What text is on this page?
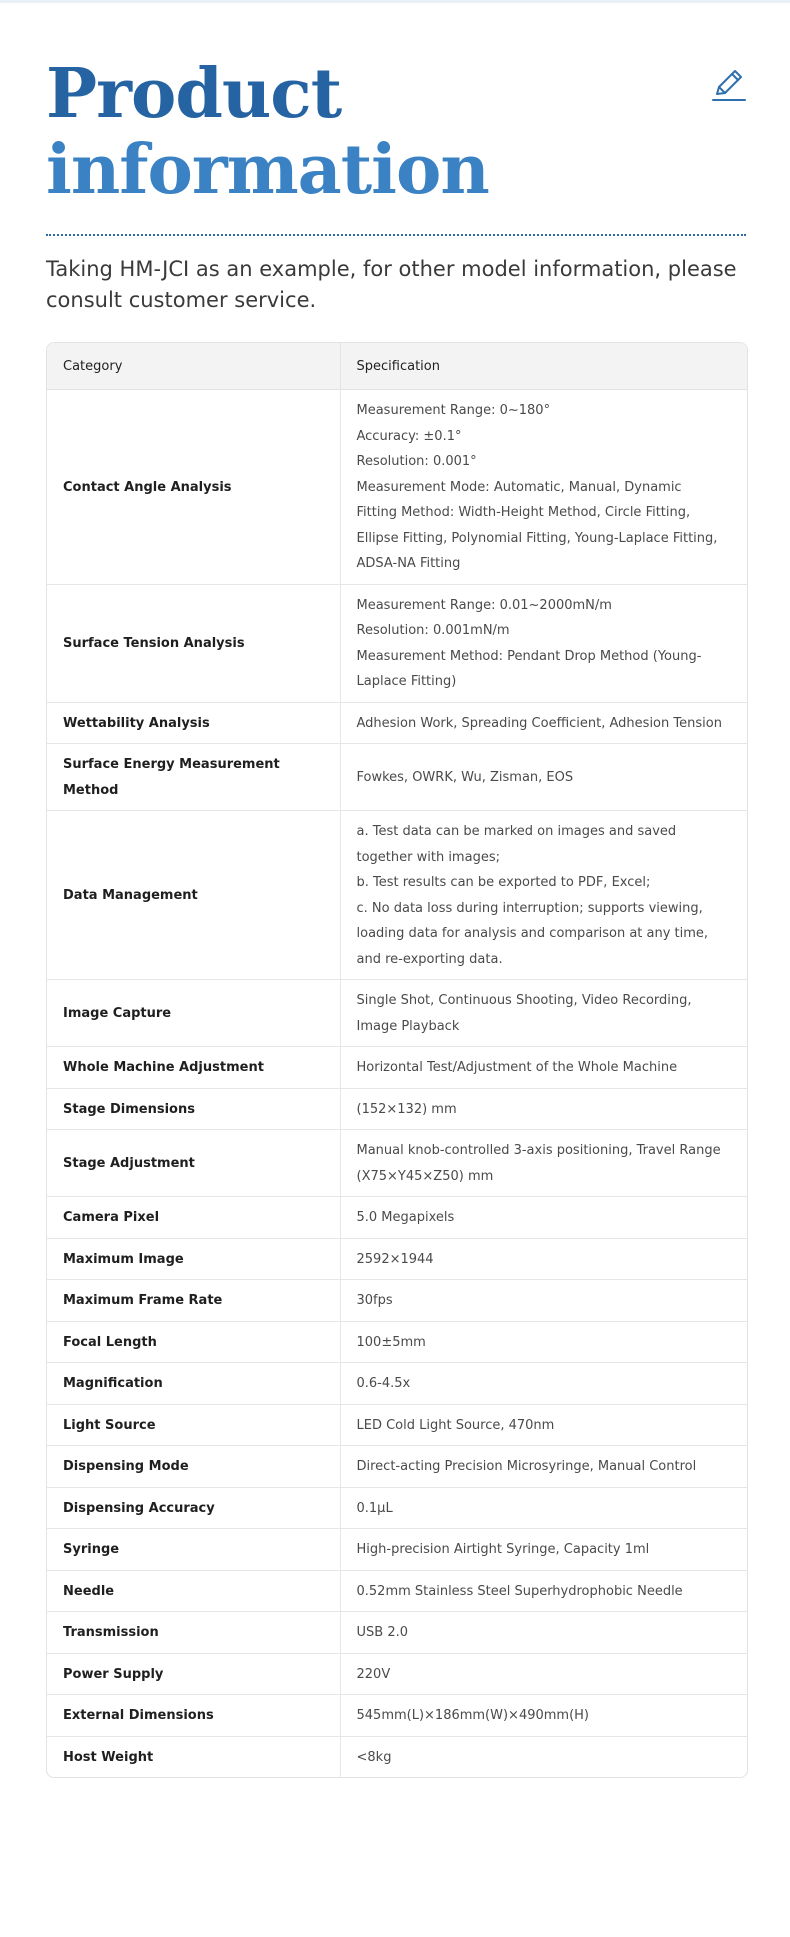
Product
information

Taking HM-JCI as an example, for other model information, please consult customer service.

Category	Specification
Contact Angle Analysis	Measurement Range: 0~180°
Accuracy: ±0.1°
Resolution: 0.001°
Measurement Mode: Automatic, Manual, Dynamic
Fitting Method: Width-Height Method, Circle Fitting, Ellipse Fitting, Polynomial Fitting, Young-Laplace Fitting, ADSA-NA Fitting

Surface Tension Analysis	Measurement Range: 0.01~2000mN/m
Resolution: 0.001mN/m
Measurement Method: Pendant Drop Method (Young-Laplace Fitting)

Wettability Analysis	Adhesion Work, Spreading Coefficient, Adhesion Tension

Surface Energy Measurement Method	Fowkes, OWRK, Wu, Zisman, EOS

Data Management	a. Test data can be marked on images and saved together with images;
b. Test results can be exported to PDF, Excel;
c. No data loss during interruption; supports viewing, loading data for analysis and comparison at any time, and re-exporting data.

Image Capture	Single Shot, Continuous Shooting, Video Recording, Image Playback

Whole Machine Adjustment	Horizontal Test/Adjustment of the Whole Machine

Stage Dimensions	(152×132) mm

Stage Adjustment	Manual knob-controlled 3-axis positioning, Travel Range (X75×Y45×Z50) mm

Camera Pixel	5.0 Megapixels

Maximum Image	2592×1944

Maximum Frame Rate	30fps

Focal Length	100±5mm

Magnification	0.6-4.5x

Light Source	LED Cold Light Source, 470nm

Dispensing Mode	Direct-acting Precision Microsyringe, Manual Control

Dispensing Accuracy	0.1μL

Syringe	High-precision Airtight Syringe, Capacity 1ml

Needle	0.52mm Stainless Steel Superhydrophobic Needle

Transmission	USB 2.0

Power Supply	220V

External Dimensions	545mm(L)×186mm(W)×490mm(H)

Host Weight	<8kg
